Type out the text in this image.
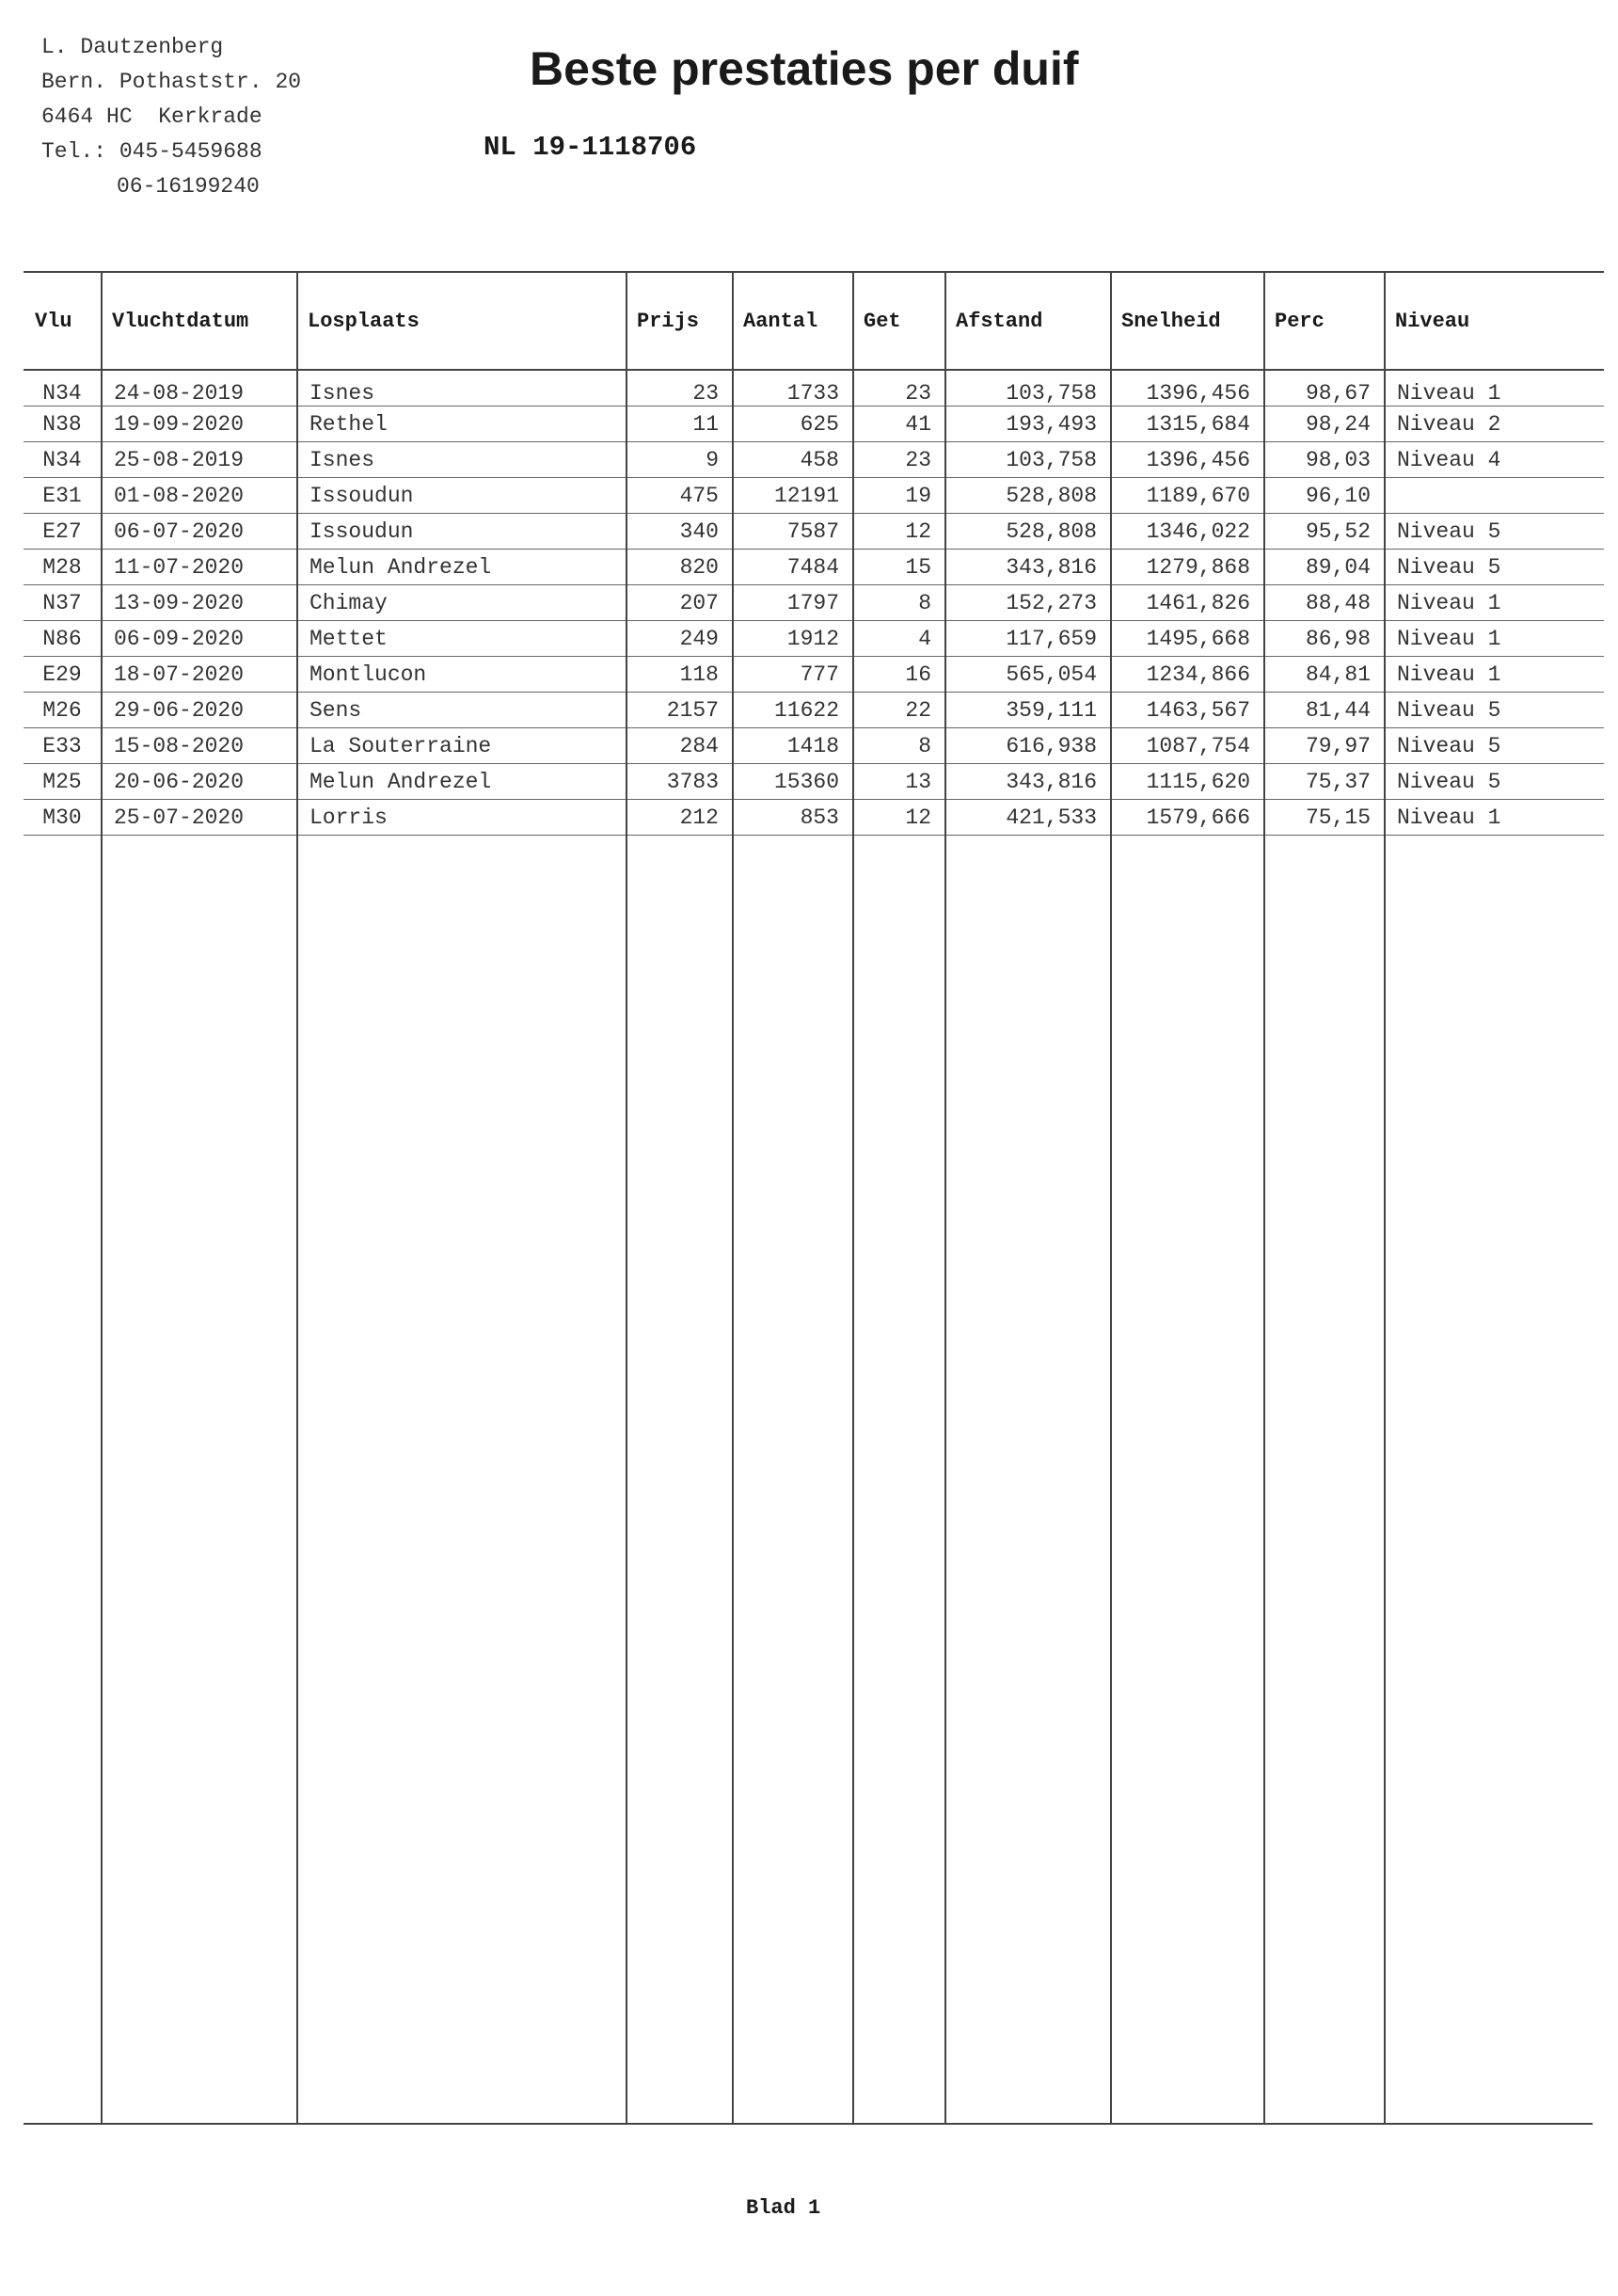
L. Dautzenberg
Bern. Pothaststr. 20
6464 HC  Kerkrade
Tel.: 045-5459688
06-16199240
Beste prestaties per duif
NL 19-1118706
Vlu	Vluchtdatum	Losplaats	Prijs	Aantal	Get	Afstand	Snelheid	Perc	Niveau
N34	24-08-2019	Isnes	23	1733	23	103,758	1396,456	98,67	Niveau 1
N38	19-09-2020	Rethel	11	625	41	193,493	1315,684	98,24	Niveau 2
N34	25-08-2019	Isnes	9	458	23	103,758	1396,456	98,03	Niveau 4
E31	01-08-2020	Issoudun	475	12191	19	528,808	1189,670	96,10	
E27	06-07-2020	Issoudun	340	7587	12	528,808	1346,022	95,52	Niveau 5
M28	11-07-2020	Melun Andrezel	820	7484	15	343,816	1279,868	89,04	Niveau 5
N37	13-09-2020	Chimay	207	1797	8	152,273	1461,826	88,48	Niveau 1
N86	06-09-2020	Mettet	249	1912	4	117,659	1495,668	86,98	Niveau 1
E29	18-07-2020	Montlucon	118	777	16	565,054	1234,866	84,81	Niveau 1
M26	29-06-2020	Sens	2157	11622	22	359,111	1463,567	81,44	Niveau 5
E33	15-08-2020	La Souterraine	284	1418	8	616,938	1087,754	79,97	Niveau 5
M25	20-06-2020	Melun Andrezel	3783	15360	13	343,816	1115,620	75,37	Niveau 5
M30	25-07-2020	Lorris	212	853	12	421,533	1579,666	75,15	Niveau 1
Blad 1
